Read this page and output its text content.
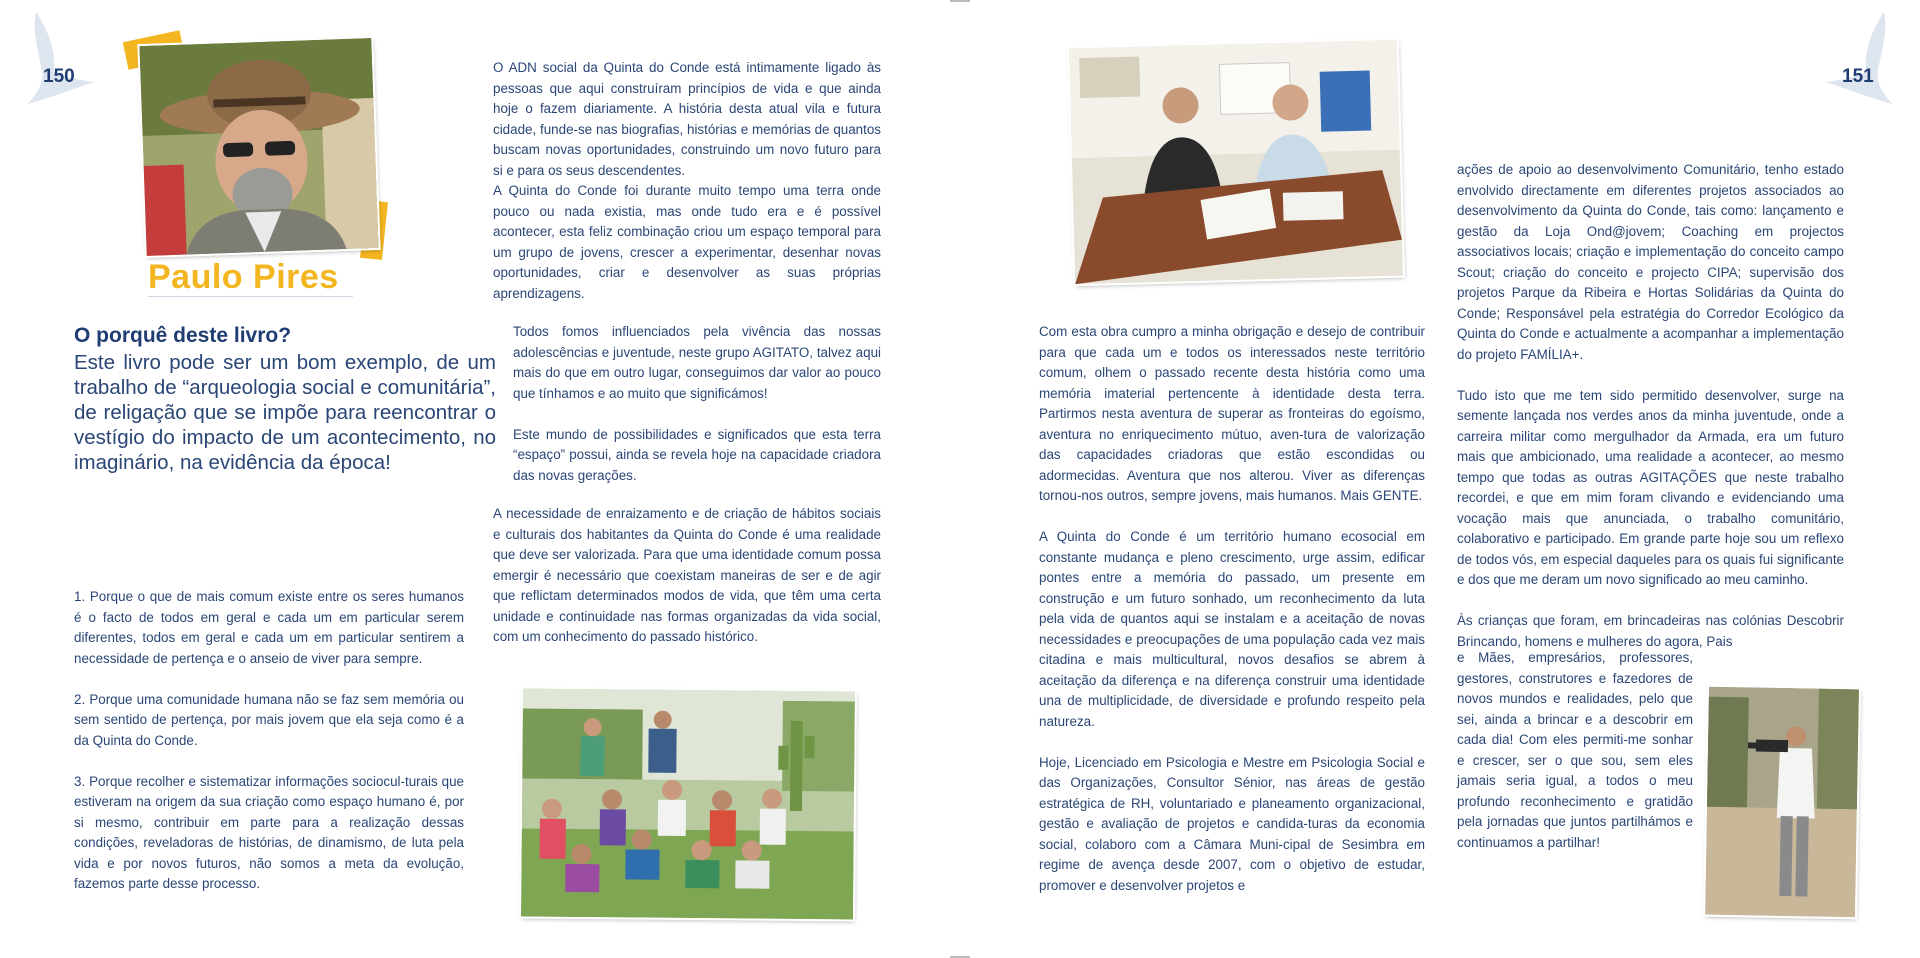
150
Paulo Pires
O porquê deste livro?
Este livro pode ser um bom exemplo, de um trabalho de “arqueologia social e comunitária”, de religação que se impõe para reencontrar o vestígio do impacto de um acontecimento, no imaginário, na evidência da época!

1. Porque o que de mais comum existe entre os seres humanos é o facto de todos em geral e cada um em particular serem diferentes, todos em geral e cada um em particular sentirem a necessidade de pertença e o anseio de viver para sempre.

2. Porque uma comunidade humana não se faz sem memória ou sem sentido de pertença, por mais jovem que ela seja como é a da Quinta do Conde.

3. Porque recolher e sistematizar informações sociocul-turais que estiveram na origem da sua criação como espaço humano é, por si mesmo, contribuir em parte para a realização dessas condições, reveladoras de histórias, de dinamismo, de luta pela vida e por novos futuros, não somos a meta da evolução, fazemos parte desse processo.

O ADN social da Quinta do Conde está intimamente ligado às pessoas que aqui construíram princípios de vida e que ainda hoje o fazem diariamente. A história desta atual vila e futura cidade, funde-se nas biografias, histórias e memórias de quantos buscam novas oportunidades, construindo um novo futuro para si e para os seus descendentes.
A Quinta do Conde foi durante muito tempo uma terra onde pouco ou nada existia, mas onde tudo era e é possível acontecer, esta feliz combinação criou um espaço temporal para um grupo de jovens, crescer a experimentar, desenhar novas oportunidades, criar e desenvolver as suas próprias aprendizagens.

Todos fomos influenciados pela vivência das nossas adolescências e juventude, neste grupo AGITATO, talvez aqui mais do que em outro lugar, conseguimos dar valor ao pouco que tínhamos e ao muito que significámos!

Este mundo de possibilidades e significados que esta terra “espaço” possui, ainda se revela hoje na capacidade criadora das novas gerações.

A necessidade de enraizamento e de criação de hábitos sociais e culturais dos habitantes da Quinta do Conde é uma realidade que deve ser valorizada. Para que uma identidade comum possa emergir é necessário que coexistam maneiras de ser e de agir que reflictam determinados modos de vida, que têm uma certa unidade e continuidade nas formas organizadas da vida social, com um conhecimento do passado histórico.

151

Com esta obra cumpro a minha obrigação e desejo de contribuir para que cada um e todos os interessados neste território comum, olhem o passado recente desta história como uma memória imaterial pertencente à identidade desta terra. Partirmos nesta aventura de superar as fronteiras do egoísmo, aventura no enriquecimento mútuo, aven-tura de valorização das capacidades criadoras que estão escondidas ou adormecidas. Aventura que nos alterou. Viver as diferenças tornou-nos outros, sempre jovens, mais humanos. Mais GENTE.

A Quinta do Conde é um território humano ecosocial em constante mudança e pleno crescimento, urge assim, edificar pontes entre a memória do passado, um presente em construção e um futuro sonhado, um reconhecimento da luta pela vida de quantos aqui se instalam e a aceitação de novas necessidades e preocupações de uma população cada vez mais citadina e mais multicultural, novos desafios se abrem à aceitação da diferença e na diferença construir uma identidade una de multiplicidade, de diversidade e profundo respeito pela natureza.

Hoje, Licenciado em Psicologia e Mestre em Psicologia Social e das Organizações, Consultor Sénior, nas áreas de gestão estratégica de RH, voluntariado e planeamento organizacional, gestão e avaliação de projetos e candida-turas da economia social, colaboro com a Câmara Muni-cipal de Sesimbra em regime de avença desde 2007, com o objetivo de estudar, promover e desenvolver projetos e

ações de apoio ao desenvolvimento Comunitário, tenho estado envolvido directamente em diferentes projetos associados ao desenvolvimento da Quinta do Conde, tais como: lançamento e gestão da Loja Ond@jovem; Coaching em projectos associativos locais; criação e implementação do conceito campo Scout; criação do conceito e projecto CIPA; supervisão dos projetos Parque da Ribeira e Hortas Solidárias da Quinta do Conde; Responsável pela estratégia do Corredor Ecológico da Quinta do Conde e actualmente a acompanhar a implementação do projeto FAMÍLIA+.

Tudo isto que me tem sido permitido desenvolver, surge na semente lançada nos verdes anos da minha juventude, onde a carreira militar como mergulhador da Armada, era um futuro mais que ambicionado, uma realidade a acontecer, ao mesmo tempo que todas as outras AGITAÇÕES que neste trabalho recordei, e que em mim foram clivando e evidenciando uma vocação mais que anunciada, o trabalho comunitário, colaborativo e participado. Em grande parte hoje sou um reflexo de todos vós, em especial daqueles para os quais fui significante e dos que me deram um novo significado ao meu caminho.

Às crianças que foram, em brincadeiras nas colónias Descobrir Brincando, homens e mulheres do agora, Pais
e Mães, empresários, professores, gestores, construtores e fazedores de novos mundos e realidades, pelo que sei, ainda a brincar e a descobrir em cada dia! Com eles permiti-me sonhar e crescer, ser o que sou, sem eles jamais seria igual, a todos o meu profundo reconhecimento e gratidão pela jornadas que juntos partilhámos e continuamos a partilhar!
